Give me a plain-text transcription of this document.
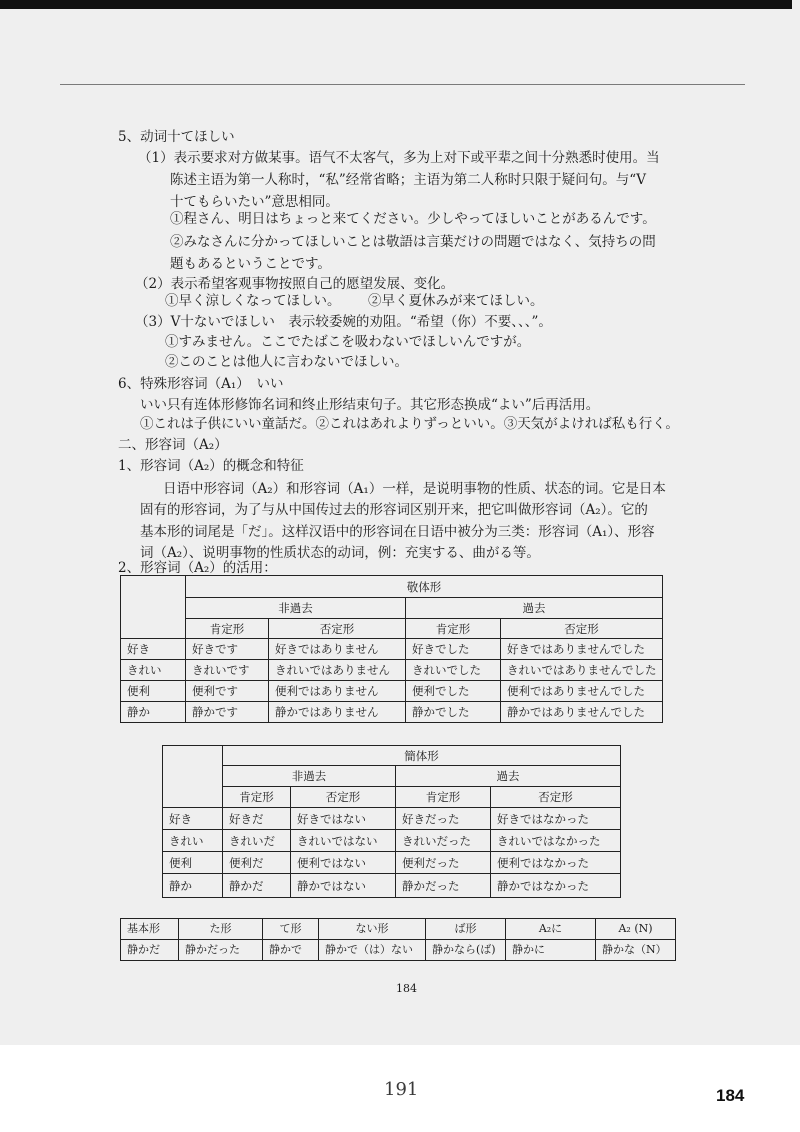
5、动词十てほしい
（1）表示要求对方做某事。语气不太客气，多为上对下或平辈之间十分熟悉时使用。当
陈述主语为第一人称时，“私”经常省略；主语为第二人称时只限于疑问句。与“V
十てもらいたい”意思相同。
①程さん、明日はちょっと来てください。少しやってほしいことがあるんです。
②みなさんに分かってほしいことは敬語は言葉だけの問題ではなく、気持ちの問
題もあるということです。
（2）表示希望客观事物按照自己的愿望发展、变化。
①早く涼しくなってほしい。 ②早く夏休みが来てほしい。
（3）V十ないでほしい　表示较委婉的劝阻。“希望（你）不要、、、”。
①すみません。ここでたばこを吸わないでほしいんですが。
②このことは他人に言わないでほしい。
6、特殊形容词（A₁）　いい
いい只有连体形修饰名词和终止形结束句子。其它形态换成“よい”后再活用。
①これは子供にいい童話だ。②これはあれよりずっといい。③天気がよければ私も行く。
二、形容词（A₂）
1、形容词（A₂）的概念和特征
日语中形容词（A₂）和形容词（A₁）一样，是说明事物的性质、状态的词。它是日本
固有的形容词，为了与从中国传过去的形容词区别开来，把它叫做形容词（A₂）。它的
基本形的词尾是「だ」。这样汉语中的形容词在日语中被分为三类：形容词（A₁）、形容
词（A₂）、说明事物的性质状态的动词，例：充実する、曲がる等。
2、形容词（A₂）的活用：
	敬体形			
	非過去		過去	
	肯定形	否定形	肯定形	否定形
好き	好きです	好きではありません	好きでした	好きではありませんでした
きれい	きれいです	きれいではありません	きれいでした	きれいではありませんでした
便利	便利です	便利ではありません	便利でした	便利ではありませんでした
静か	静かです	静かではありません	静かでした	静かではありませんでした
	簡体形			
	非過去		過去	
	肯定形	否定形	肯定形	否定形
好き	好きだ	好きではない	好きだった	好きではなかった
きれい	きれいだ	きれいではない	きれいだった	きれいではなかった
便利	便利だ	便利ではない	便利だった	便利ではなかった
静か	静かだ	静かではない	静かだった	静かではなかった
基本形	た形	て形	ない形	ば形	A₂に	A₂ (N)
静かだ	静かだった	静かで	静かで（は）ない	静かなら(ば)	静かに	静かな（N）
184
191	184
